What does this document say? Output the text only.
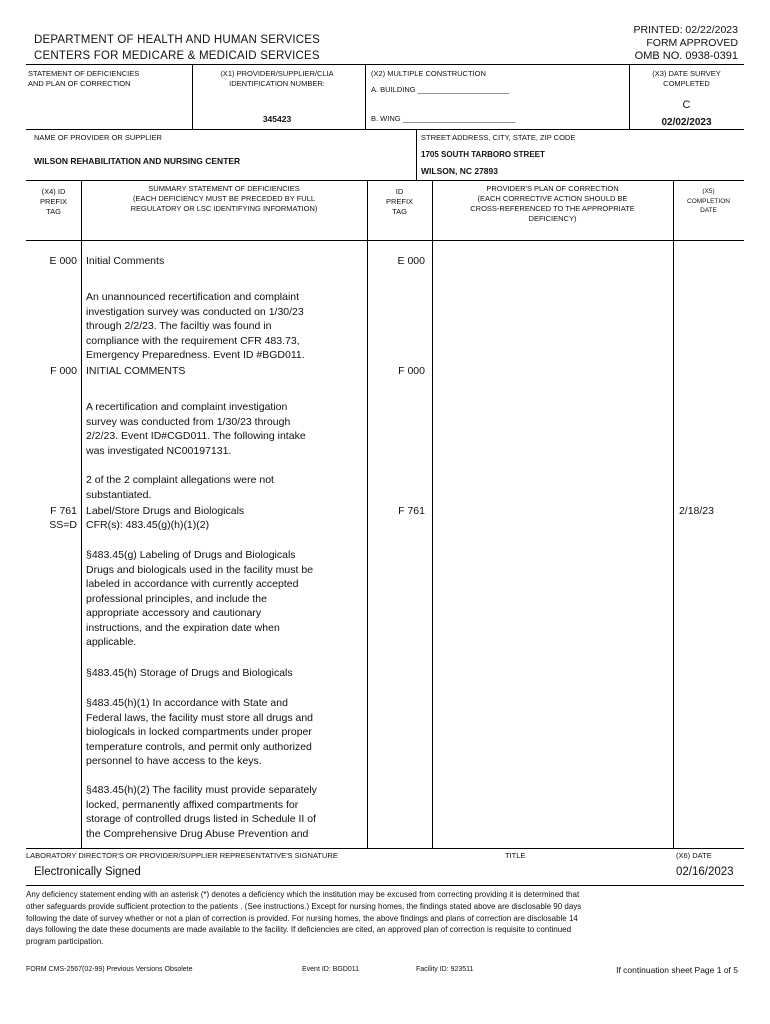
DEPARTMENT OF HEALTH AND HUMAN SERVICES
CENTERS FOR MEDICARE & MEDICAID SERVICES
PRINTED: 02/22/2023
FORM APPROVED
OMB NO. 0938-0391
STATEMENT OF DEFICIENCIES
AND PLAN OF CORRECTION
(X1) PROVIDER/SUPPLIER/CLIA
IDENTIFICATION NUMBER:
345423
(X2) MULTIPLE CONSTRUCTION
A. BUILDING ______________________
B. WING ___________________________
(X3) DATE SURVEY
COMPLETED
C
02/02/2023
NAME OF PROVIDER OR SUPPLIER
WILSON REHABILITATION AND NURSING CENTER
STREET ADDRESS, CITY, STATE, ZIP CODE
1705 SOUTH TARBORO STREET
WILSON, NC 27893
(X4) ID
PREFIX
TAG
SUMMARY STATEMENT OF DEFICIENCIES
(EACH DEFICIENCY MUST BE PRECEDED BY FULL
REGULATORY OR LSC IDENTIFYING INFORMATION)
ID
PREFIX
TAG
PROVIDER'S PLAN OF CORRECTION
(EACH CORRECTIVE ACTION SHOULD BE
CROSS-REFERENCED TO THE APPROPRIATE
DEFICIENCY)
(X5)
COMPLETION
DATE
E 000 Initial Comments	E 000
An unannounced recertification and complaint
investigation survey was conducted on 1/30/23
through 2/2/23. The faciltiy was found in
compliance with the requirement CFR 483.73,
Emergency Preparedness. Event ID #BGD011.
F 000 INITIAL COMMENTS	F 000
A recertification and complaint investigation
survey was conducted from 1/30/23 through
2/2/23. Event ID#CGD011. The following intake
was investigated NC00197131.
2 of the 2 complaint allegations were not
substantiated.
F 761
SS=D
Label/Store Drugs and Biologicals
CFR(s): 483.45(g)(h)(1)(2)
F 761	2/18/23
§483.45(g) Labeling of Drugs and Biologicals
Drugs and biologicals used in the facility must be
labeled in accordance with currently accepted
professional principles, and include the
appropriate accessory and cautionary
instructions, and the expiration date when
applicable.
§483.45(h) Storage of Drugs and Biologicals
§483.45(h)(1) In accordance with State and
Federal laws, the facility must store all drugs and
biologicals in locked compartments under proper
temperature controls, and permit only authorized
personnel to have access to the keys.
§483.45(h)(2) The facility must provide separately
locked, permanently affixed compartments for
storage of controlled drugs listed in Schedule II of
the Comprehensive Drug Abuse Prevention and
LABORATORY DIRECTOR'S OR PROVIDER/SUPPLIER REPRESENTATIVE'S SIGNATURE	TITLE	(X6) DATE
Electronically Signed	02/16/2023
Any deficiency statement ending with an asterisk (*) denotes a deficiency which the institution may be excused from correcting providing it is determined that
other safeguards provide sufficient protection to the patients . (See instructions.) Except for nursing homes, the findings stated above are disclosable 90 days
following the date of survey whether or not a plan of correction is provided. For nursing homes, the above findings and plans of correction are disclosable 14
days following the date these documents are made available to the facility. If deficiencies are cited, an approved plan of correction is requisite to continued
program participation.
FORM CMS-2567(02-99) Previous Versions Obsolete	Event ID: BGD011	Facility ID: 923511	If continuation sheet Page 1 of 5
